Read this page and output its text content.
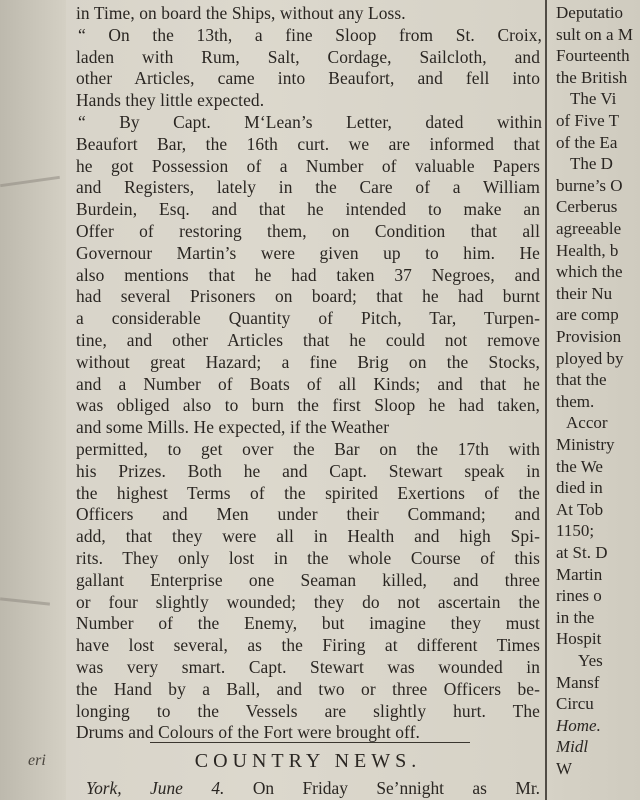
eri
in Time, on board the Ships, without any Loss.
“ On the 13th, a fine Sloop from St. Croix,
laden with Rum, Salt, Cordage, Sailcloth, and
other Articles, came into Beaufort, and fell into
Hands they little expected.
“ By Capt. M‘Lean’s Letter, dated within
Beaufort Bar, the 16th curt. we are informed that
he got Possession of a Number of valuable Papers
and Registers, lately in the Care of a William
Burdein, Esq. and that he intended to make an
Offer of restoring them, on Condition that all
Governour Martin’s were given up to him. He
also mentions that he had taken 37 Negroes, and
had several Prisoners on board; that he had burnt
a considerable Quantity of Pitch, Tar, Turpen-
tine, and other Articles that he could not remove
without great Hazard; a fine Brig on the Stocks,
and a Number of Boats of all Kinds; and that he
was obliged also to burn the first Sloop he had taken,
and some Mills. He expected, if the Weather
permitted, to get over the Bar on the 17th with
his Prizes. Both he and Capt. Stewart speak in
the highest Terms of the spirited Exertions of the
Officers and Men under their Command; and
add, that they were all in Health and high Spi-
rits. They only lost in the whole Course of this
gallant Enterprise one Seaman killed, and three
or four slightly wounded; they do not ascertain the
Number of the Enemy, but imagine they must
have lost several, as the Firing at different Times
was very smart. Capt. Stewart was wounded in
the Hand by a Ball, and two or three Officers be-
longing to the Vessels are slightly hurt. The
Drums and Colours of the Fort were brought off.
COUNTRY NEWS.
York, June 4. On Friday Se’nnight as Mr.
Deputatio
sult on a M
Fourteenth
the British
The Vi
of Five T
of the Ea
The D
burne’s O
Cerberus
agreeable
Health, b
which the
their Nu
are comp
Provision
ployed by
that the
them.
Accor
Ministry
the We
died in
At Tob
1150;
at St. D
Martin
rines o
in the
Hospit
Yes
Mansf
Circu
Home.
Midl
W
